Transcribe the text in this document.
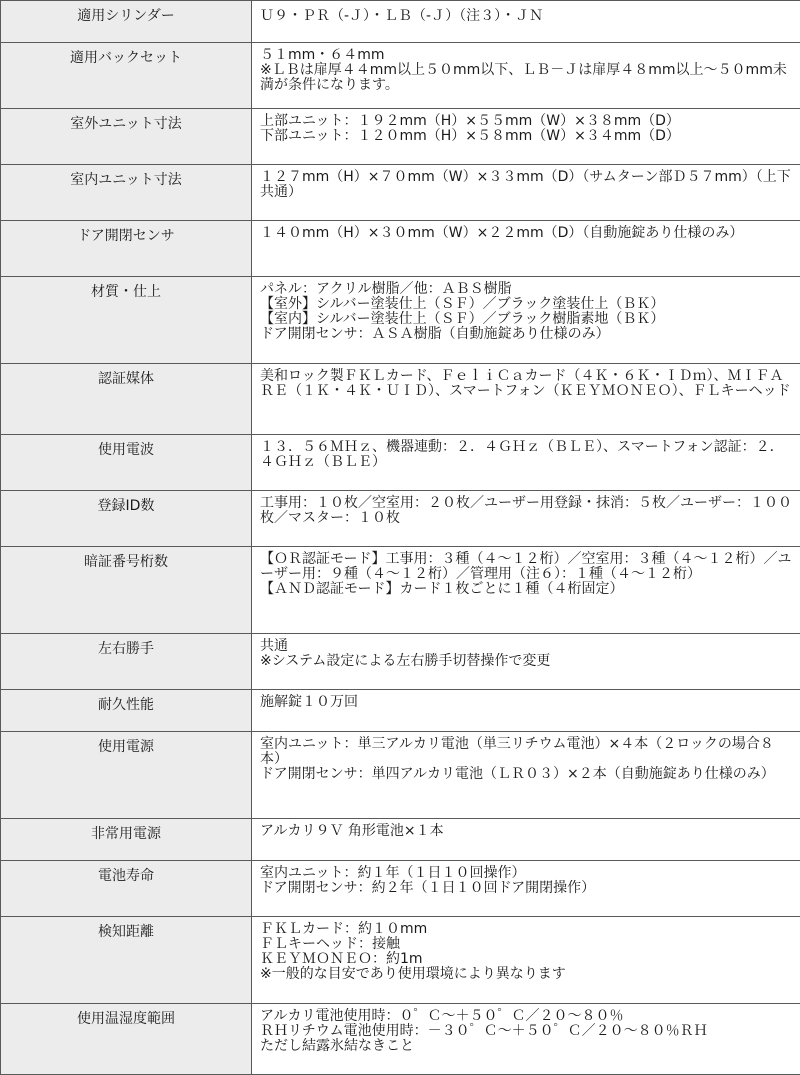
適用シリンダー	Ｕ９・ＰＲ（-Ｊ）・ＬＢ（-Ｊ）（注３）・ＪＮ
適用バックセット	５１mm・６４mm
※ＬＢは扉厚４４mm以上５０mm以下、ＬＢ－Ｊは扉厚４８mm以上～５０mm未満が条件になります。
室外ユニット寸法	上部ユニット：１９２mm（H）×５５mm（W）×３８mm（D）
下部ユニット：１２０mm（H）×５８mm（W）×３４mm（D）
室内ユニット寸法	１２７mm（H）×７０mm（W）×３３mm（D）（サムターン部Ｄ５７mm）（上下共通）
ドア開閉センサ	１４０mm（H）×３０mm（W）×２２mm（D）（自動施錠あり仕様のみ）
材質・仕上	パネル：アクリル樹脂／他：ＡＢＳ樹脂
【室外】シルバー塗装仕上（ＳＦ）／ブラック塗装仕上（ＢＫ）
【室内】シルバー塗装仕上（ＳＦ）／ブラック樹脂素地（ＢＫ）
ドア開閉センサ：ＡＳＡ樹脂（自動施錠あり仕様のみ）
認証媒体	美和ロック製ＦＫＬカード、ＦｅｌｉＣａカード（４Ｋ・６Ｋ・ＩＤｍ）、ＭＩＦＡＲＥ（１Ｋ・４Ｋ・ＵＩＤ）、スマートフォン（ＫＥＹＭＯＮＥＯ）、ＦＬキーヘッド
使用電波	１３．５６ＭＨｚ、機器連動：２．４ＧＨｚ（ＢＬＥ）、スマートフォン認証：２．４ＧＨｚ（ＢＬＥ）
登録ID数	工事用：１０枚／空室用：２０枚／ユーザー用登録・抹消：５枚／ユーザー：１００枚／マスター：１０枚
暗証番号桁数	【ＯＲ認証モード】工事用：３種（４～１２桁）／空室用：３種（４～１２桁）／ユーザー用：９種（４～１２桁）／管理用（注６）：１種（４～１２桁）
【ＡＮＤ認証モード】カード１枚ごとに１種（４桁固定）
左右勝手	共通
※システム設定による左右勝手切替操作で変更
耐久性能	施解錠１０万回
使用電源	室内ユニット：単三アルカリ電池（単三リチウム電池）×４本（２ロックの場合８本）
ドア開閉センサ：単四アルカリ電池（ＬＲ０３）×２本（自動施錠あり仕様のみ）
非常用電源	アルカリ９Ｖ 角形電池×１本
電池寿命	室内ユニット：約１年（１日１０回操作）
ドア開閉センサ：約２年（１日１０回ドア開閉操作）
検知距離	ＦＫＬカード：約１０mm
ＦＬキーヘッド：接触
ＫＥＹＭＯＮＥＯ：約1m
※一般的な目安であり使用環境により異なります
使用温湿度範囲	アルカリ電池使用時：０゜Ｃ～＋５０゜Ｃ／２０～８０％
ＲＨリチウム電池使用時：－３０゜Ｃ～＋５０゜Ｃ／２０～８０％ＲＨ
ただし結露氷結なきこと
